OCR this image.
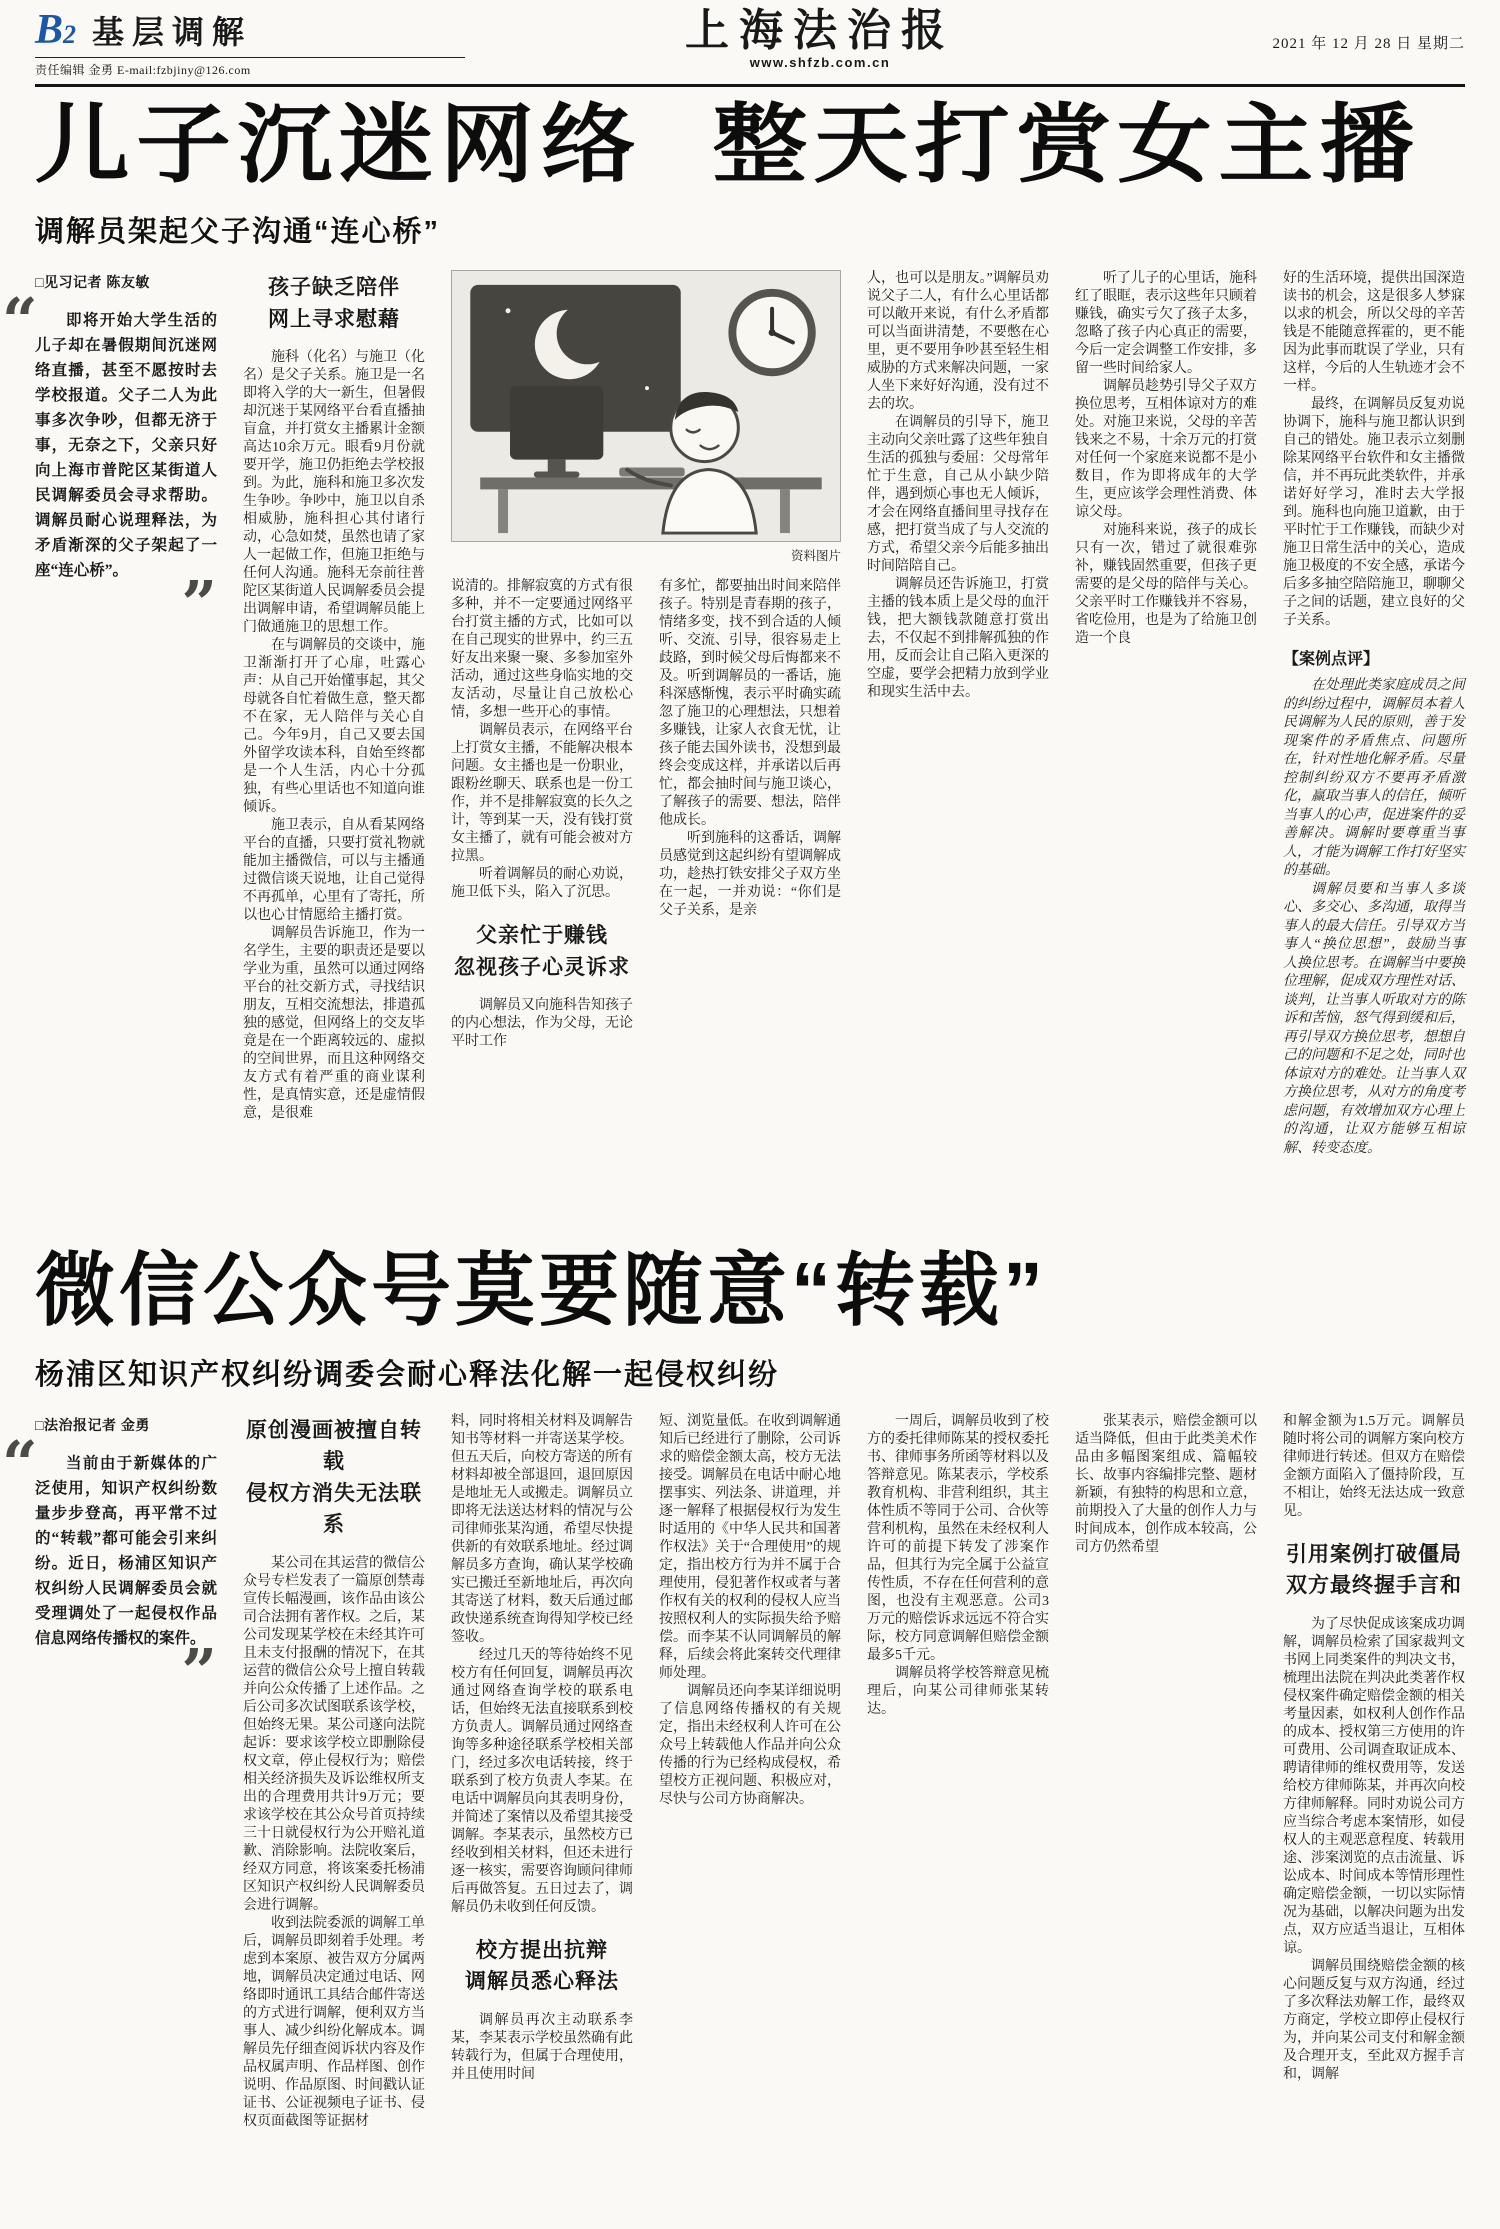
B2 基层调解
责任编辑 金勇 E-mail:fzbjiny@126.com
上海法治报
www.shfzb.com.cn
2021 年 12 月 28 日 星期二
儿子沉迷网络 整天打赏女主播
调解员架起父子沟通“连心桥”
□见习记者 陈友敏
“	即将开始大学生活的儿子却在暑假期间沉迷网络直播，甚至不愿按时去学校报道。父子二人为此事多次争吵，但都无济于事，无奈之下，父亲只好向上海市普陀区某街道人民调解委员会寻求帮助。调解员耐心说理释法，为矛盾渐深的父子架起了一座“连心桥”。 ”
孩子缺乏陪伴
网上寻求慰藉

施科（化名）与施卫（化名）是父子关系。施卫是一名即将入学的大一新生，但暑假却沉迷于某网络平台看直播抽盲盒，并打赏女主播累计金额高达10余万元。眼看9月份就要开学，施卫仍拒绝去学校报到。为此，施科和施卫多次发生争吵。争吵中，施卫以自杀相威胁，施科担心其付诸行动，心急如焚，虽然也请了家人一起做工作，但施卫拒绝与任何人沟通。施科无奈前往普陀区某街道人民调解委员会提出调解申请，希望调解员能上门做通施卫的思想工作。

在与调解员的交谈中，施卫渐渐打开了心扉，吐露心声：从自己开始懂事起，其父母就各自忙着做生意，整天都不在家，无人陪伴与关心自己。今年9月，自己又要去国外留学攻读本科，自始至终都是一个人生活，内心十分孤独，有些心里话也不知道向谁倾诉。

施卫表示，自从看某网络平台的直播，只要打赏礼物就能加主播微信，可以与主播通过微信谈天说地，让自己觉得不再孤单，心里有了寄托，所以也心甘情愿给主播打赏。

调解员告诉施卫，作为一名学生，主要的职责还是要以学业为重，虽然可以通过网络平台的社交新方式，寻找结识朋友，互相交流想法，排遣孤独的感觉，但网络上的交友毕竟是在一个距离较远的、虚拟的空间世界，而且这种网络交友方式有着严重的商业谋利性，是真情实意，还是虚情假意，是很难

资料图片

说清的。排解寂寞的方式有很多种，并不一定要通过网络平台打赏主播的方式，比如可以在自己现实的世界中，约三五好友出来聚一聚、多参加室外活动，通过这些身临实地的交友活动，尽量让自己放松心情，多想一些开心的事情。

调解员表示，在网络平台上打赏女主播，不能解决根本问题。女主播也是一份职业，跟粉丝聊天、联系也是一份工作，并不是排解寂寞的长久之计，等到某一天，没有钱打赏女主播了，就有可能会被对方拉黑。

听着调解员的耐心劝说，施卫低下头，陷入了沉思。

父亲忙于赚钱
忽视孩子心灵诉求

调解员又向施科告知孩子的内心想法，作为父母，无论平时工作

有多忙，都要抽出时间来陪伴孩子。特别是青春期的孩子，情绪多变，找不到合适的人倾听、交流、引导，很容易走上歧路，到时候父母后悔都来不及。听到调解员的一番话，施科深感惭愧，表示平时确实疏忽了施卫的心理想法，只想着多赚钱，让家人衣食无忧，让孩子能去国外读书，没想到最终会变成这样，并承诺以后再忙，都会抽时间与施卫谈心，了解孩子的需要、想法，陪伴他成长。

听到施科的这番话，调解员感觉到这起纠纷有望调解成功，趁热打铁安排父子双方坐在一起，一并劝说：“你们是父子关系，是亲

人，也可以是朋友。”调解员劝说父子二人，有什么心里话都可以敞开来说，有什么矛盾都可以当面讲清楚，不要憋在心里，更不要用争吵甚至轻生相威胁的方式来解决问题，一家人坐下来好好沟通，没有过不去的坎。

在调解员的引导下，施卫主动向父亲吐露了这些年独自生活的孤独与委屈：父母常年忙于生意，自己从小缺少陪伴，遇到烦心事也无人倾诉，才会在网络直播间里寻找存在感，把打赏当成了与人交流的方式，希望父亲今后能多抽出时间陪陪自己。

调解员还告诉施卫，打赏主播的钱本质上是父母的血汗钱，把大额钱款随意打赏出去，不仅起不到排解孤独的作用，反而会让自己陷入更深的空虚，要学会把精力放到学业和现实生活中去。

听了儿子的心里话，施科红了眼眶，表示这些年只顾着赚钱，确实亏欠了孩子太多，忽略了孩子内心真正的需要，今后一定会调整工作安排，多留一些时间给家人。

调解员趁势引导父子双方换位思考，互相体谅对方的难处。对施卫来说，父母的辛苦钱来之不易，十余万元的打赏对任何一个家庭来说都不是小数目，作为即将成年的大学生，更应该学会理性消费、体谅父母。

对施科来说，孩子的成长只有一次，错过了就很难弥补，赚钱固然重要，但孩子更需要的是父母的陪伴与关心。父亲平时工作赚钱并不容易，省吃俭用，也是为了给施卫创造一个良

好的生活环境，提供出国深造读书的机会，这是很多人梦寐以求的机会，所以父母的辛苦钱是不能随意挥霍的，更不能因为此事而耽误了学业，只有这样，今后的人生轨迹才会不一样。

最终，在调解员反复劝说协调下，施科与施卫都认识到自己的错处。施卫表示立刻删除某网络平台软件和女主播微信，并不再玩此类软件，并承诺好好学习，准时去大学报到。施科也向施卫道歉，由于平时忙于工作赚钱，而缺少对施卫日常生活中的关心，造成施卫极度的不安全感，承诺今后多多抽空陪陪施卫，聊聊父子之间的话题，建立良好的父子关系。

【案例点评】

在处理此类家庭成员之间的纠纷过程中，调解员本着人民调解为人民的原则，善于发现案件的矛盾焦点、问题所在，针对性地化解矛盾。尽量控制纠纷双方不要再矛盾激化，赢取当事人的信任，倾听当事人的心声，促进案件的妥善解决。调解时要尊重当事人，才能为调解工作打好坚实的基础。

调解员要和当事人多谈心、多交心、多沟通，取得当事人的最大信任。引导双方当事人“换位思想”，鼓励当事人换位思考。在调解当中要换位理解，促成双方理性对话、谈判，让当事人听取对方的陈诉和苦恼，怒气得到缓和后，再引导双方换位思考，想想自己的问题和不足之处，同时也体谅对方的难处。让当事人双方换位思考，从对方的角度考虑问题，有效增加双方心理上的沟通，让双方能够互相谅解、转变态度。

微信公众号莫要随意“转载”
杨浦区知识产权纠纷调委会耐心释法化解一起侵权纠纷
□法治报记者 金勇
“	当前由于新媒体的广泛使用，知识产权纠纷数量步步登高，再平常不过的“转载”都可能会引来纠纷。近日，杨浦区知识产权纠纷人民调解委员会就受理调处了一起侵权作品信息网络传播权的案件。

”
原创漫画被擅自转载
侵权方消失无法联系

某公司在其运营的微信公众号专栏发表了一篇原创禁毒宣传长幅漫画，该作品由该公司合法拥有著作权。之后，某公司发现某学校在未经其许可且未支付报酬的情况下，在其运营的微信公众号上擅自转载并向公众传播了上述作品。之后公司多次试图联系该学校，但始终无果。某公司遂向法院起诉：要求该学校立即删除侵权文章，停止侵权行为；赔偿相关经济损失及诉讼维权所支出的合理费用共计9万元；要求该学校在其公众号首页持续三十日就侵权行为公开赔礼道歉、消除影响。法院收案后，经双方同意，将该案委托杨浦区知识产权纠纷人民调解委员会进行调解。

收到法院委派的调解工单后，调解员即刻着手处理。考虑到本案原、被告双方分属两地，调解员决定通过电话、网络即时通讯工具结合邮件寄送的方式进行调解，便利双方当事人、减少纠纷化解成本。调解员先仔细查阅诉状内容及作品权属声明、作品样图、创作说明、作品原图、时间戳认证证书、公证视频电子证书、侵权页面截图等证据材

料，同时将相关材料及调解告知书等材料一并寄送某学校。但五天后，向校方寄送的所有材料却被全部退回，退回原因是地址无人或搬走。调解员立即将无法送达材料的情况与公司律师张某沟通，希望尽快提供新的有效联系地址。经过调解员多方查询，确认某学校确实已搬迁至新地址后，再次向其寄送了材料，数天后通过邮政快递系统查询得知学校已经签收。

经过几天的等待始终不见校方有任何回复，调解员再次通过网络查询学校的联系电话，但始终无法直接联系到校方负责人。调解员通过网络查询等多种途径联系学校相关部门，经过多次电话转接，终于联系到了校方负责人李某。在电话中调解员向其表明身份，并简述了案情以及希望其接受调解。李某表示，虽然校方已经收到相关材料，但还未进行逐一核实，需要咨询顾问律师后再做答复。五日过去了，调解员仍未收到任何反馈。

校方提出抗辩
调解员悉心释法

调解员再次主动联系李某，李某表示学校虽然确有此转载行为，但属于合理使用，并且使用时间

短、浏览量低。在收到调解通知后已经进行了删除，公司诉求的赔偿金额太高，校方无法接受。调解员在电话中耐心地摆事实、列法条、讲道理，并逐一解释了根据侵权行为发生时适用的《中华人民共和国著作权法》关于“合理使用”的规定，指出校方行为并不属于合理使用，侵犯著作权或者与著作权有关的权利的侵权人应当按照权利人的实际损失给予赔偿。而李某不认同调解员的解释，后续会将此案转交代理律师处理。

调解员还向李某详细说明了信息网络传播权的有关规定，指出未经权利人许可在公众号上转载他人作品并向公众传播的行为已经构成侵权，希望校方正视问题、积极应对，尽快与公司方协商解决。

一周后，调解员收到了校方的委托律师陈某的授权委托书、律师事务所函等材料以及答辩意见。陈某表示，学校系教育机构、非营利组织，其主体性质不等同于公司、合伙等营利机构，虽然在未经权利人许可的前提下转发了涉案作品，但其行为完全属于公益宣传性质，不存在任何营利的意图，也没有主观恶意。公司3万元的赔偿诉求远远不符合实际，校方同意调解但赔偿金额最多5千元。

调解员将学校答辩意见梳理后，向某公司律师张某转达。

张某表示，赔偿金额可以适当降低，但由于此类美术作品由多幅图案组成、篇幅较长、故事内容编排完整、题材新颖，有独特的构思和立意，前期投入了大量的创作人力与时间成本，创作成本较高，公司方仍然希望

和解金额为1.5万元。调解员随时将公司的调解方案向校方律师进行转述。但双方在赔偿金额方面陷入了僵持阶段，互不相让，始终无法达成一致意见。

引用案例打破僵局
双方最终握手言和

为了尽快促成该案成功调解，调解员检索了国家裁判文书网上同类案件的判决文书，梳理出法院在判决此类著作权侵权案件确定赔偿金额的相关考量因素，如权利人创作作品的成本、授权第三方使用的许可费用、公司调查取证成本、聘请律师的维权费用等，发送给校方律师陈某，并再次向校方律师解释。同时劝说公司方应当综合考虑本案情形，如侵权人的主观恶意程度、转载用途、涉案浏览的点击流量、诉讼成本、时间成本等情形理性确定赔偿金额，一切以实际情况为基础，以解决问题为出发点，双方应适当退让，互相体谅。

调解员围绕赔偿金额的核心问题反复与双方沟通，经过了多次释法劝解工作，最终双方商定，学校立即停止侵权行为，并向某公司支付和解金额及合理开支，至此双方握手言和，调解
